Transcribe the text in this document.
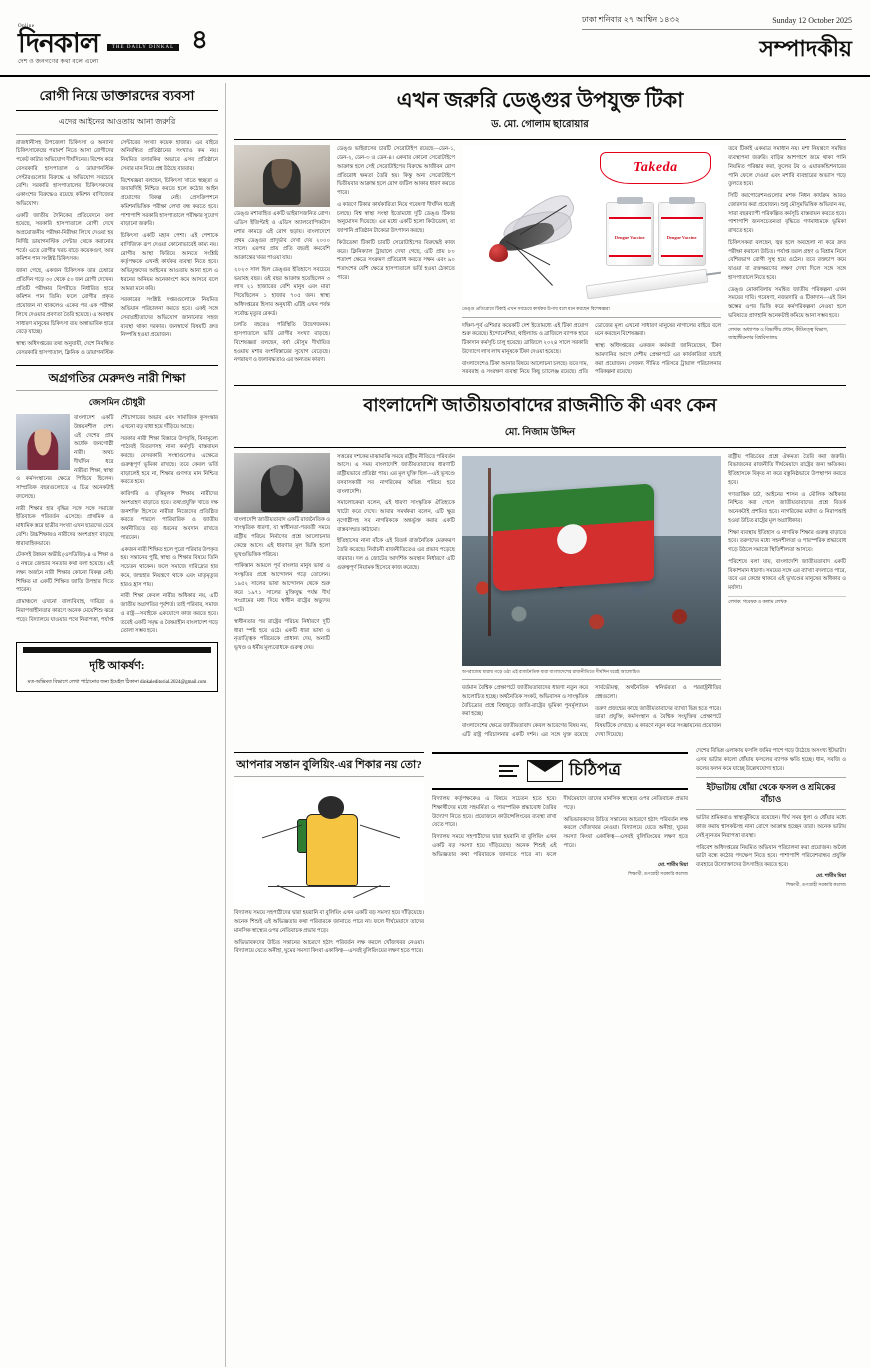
Online
দিনকাল	THE DAILY DINKAL
দেশ ও জনগণের কথা বলে এলো
৪
ঢাকা শনিবার ২৭ আশ্বিন ১৪৩২	Sunday 12 October 2025
সম্পাদকীয়
রোগী নিয়ে ডাক্তারদের ব্যবসা
এদের আইনের আওতায় আনা জরুরি

রাজধানীসহ উপজেলা চিকিৎসা ও অন্যান্য চিকিৎসাকেন্দ্রে পরামর্শ নিতে আসা রোগীদের পকেট কাটার অভিযোগ দীর্ঘদিনের। বিশেষ করে বেসরকারি হাসপাতাল ও ডায়াগনস্টিক সেন্টারগুলোর বিরুদ্ধে এ অভিযোগ সবচেয়ে বেশি। সরকারি হাসপাতালের চিকিৎসকদের একাংশের বিরুদ্ধেও রয়েছে কমিশন বাণিজ্যের অভিযোগ।

একটি জাতীয় দৈনিকের প্রতিবেদনে বলা হয়েছে, সরকারি হাসপাতালে রোগী দেখে অপ্রয়োজনীয় পরীক্ষা-নিরীক্ষা লিখে দেওয়া হয় নির্দিষ্ট ডায়াগনস্টিক সেন্টার থেকে করানোর শর্তে। এতে রোগীর খরচ বাড়ে কয়েকগুণ, আর কমিশন পান সংশ্লিষ্ট চিকিৎসক।

জানা গেছে, একজন চিকিৎসক তার চেম্বারে প্রতিদিন গড়ে ৩০ থেকে ৫০ জন রোগী দেখেন। প্রতিটি পরীক্ষার বিপরীতে নির্ধারিত হারে কমিশন পান তিনি। ফলে রোগীর প্রকৃত প্রয়োজন না থাকলেও একের পর এক পরীক্ষা লিখে দেওয়ার প্রবণতা তৈরি হয়েছে। এ অবস্থায় সাধারণ মানুষের চিকিৎসা ব্যয় অস্বাভাবিক হারে বেড়ে যাচ্ছে।

স্বাস্থ্য অধিদপ্তরের তথ্য অনুযায়ী, দেশে নিবন্ধিত বেসরকারি হাসপাতাল, ক্লিনিক ও ডায়াগনস্টিক সেন্টারের সংখ্যা কয়েক হাজার। এর বাইরে অনিবন্ধিত প্রতিষ্ঠানের সংখ্যাও কম নয়। নিয়মিত তদারকির অভাবে এসব প্রতিষ্ঠানে সেবার মান নিয়ে প্রশ্ন উঠছে বারবার।

বিশেষজ্ঞরা বলছেন, চিকিৎসা খাতে স্বচ্ছতা ও জবাবদিহি নিশ্চিত করতে হলে কঠোর আইন প্রয়োগের বিকল্প নেই। প্রেসক্রিপশনে কমিশনভিত্তিক পরীক্ষা লেখা বন্ধ করতে হবে। পাশাপাশি সরকারি হাসপাতালে পরীক্ষার সুযোগ বাড়ানো জরুরি।

চিকিৎসা একটি মহান পেশা। এই পেশাকে বাণিজ্যিক রূপ দেওয়া কোনোভাবেই কাম্য নয়। রোগীর আস্থা ফিরিয়ে আনতে সংশ্লিষ্ট কর্তৃপক্ষকে এখনই কার্যকর ব্যবস্থা নিতে হবে। অভিযুক্তদের আইনের আওতায় আনা হলে এ ধরনের অনিয়ম অনেকাংশে কমে আসবে বলে আমরা মনে করি।

সরকারের সংশ্লিষ্ট দপ্তরগুলোকে নিয়মিত অভিযান পরিচালনা করতে হবে। একই সঙ্গে সেবাগ্রহীতাদের অভিযোগ জানানোর সহজ ব্যবস্থা থাকা দরকার। জনস্বার্থে বিষয়টি দ্রুত নিষ্পত্তি হওয়া প্রয়োজন।

অগ্রগতির মেরুদণ্ড নারী শিক্ষা
জেসমিন চৌধুরী

বাংলাদেশ একটি উন্নয়নশীল দেশ। এই দেশের প্রায় অর্ধেক জনগোষ্ঠী নারী। অথচ দীর্ঘদিন ধরে নারীরা শিক্ষা, স্বাস্থ্য ও কর্মসংস্থানের ক্ষেত্রে পিছিয়ে ছিলেন। সাম্প্রতিক বছরগুলোতে এ চিত্র অনেকটাই বদলেছে।

নারী শিক্ষার হার বৃদ্ধির সঙ্গে সঙ্গে সমাজে ইতিবাচক পরিবর্তন এসেছে। প্রাথমিক ও মাধ্যমিক স্তরে ছাত্রীর সংখ্যা এখন ছাত্রদের চেয়ে বেশি। উচ্চশিক্ষায়ও নারীদের অংশগ্রহণ বাড়ছে ধারাবাহিকভাবে।

টেকসই উন্নয়ন অভীষ্ট (এসডিজি)-৪ এ শিক্ষা ও ৫ নম্বরে জেন্ডার সমতার কথা বলা হয়েছে। এই লক্ষ্য অর্জনে নারী শিক্ষার কোনো বিকল্প নেই। শিক্ষিত মা একটি শিক্ষিত জাতি উপহার দিতে পারেন।

গ্রামাঞ্চলে এখনো বাল্যবিবাহ, দারিদ্র্য ও নিরাপত্তাহীনতার কারণে অনেক মেয়েশিশু ঝরে পড়ে। বিদ্যালয়ে যাওয়ার পথে নিরাপত্তা, পর্যাপ্ত শৌচাগারের অভাব এবং সামাজিক কুসংস্কার এখনো বড় বাধা হয়ে দাঁড়িয়ে আছে।

সরকার নারী শিক্ষা বিস্তারে উপবৃত্তি, বিনামূল্যে পাঠ্যবই বিতরণসহ নানা কর্মসূচি বাস্তবায়ন করছে। বেসরকারি সংস্থাগুলোও এক্ষেত্রে গুরুত্বপূর্ণ ভূমিকা রাখছে। তবে কেবল ভর্তি বাড়ালেই হবে না, শিক্ষার গুণগত মান নিশ্চিত করতে হবে।

কারিগরি ও বৃত্তিমূলক শিক্ষায় নারীদের অংশগ্রহণ বাড়াতে হবে। তথ্যপ্রযুক্তি খাতে দক্ষ জনশক্তি হিসেবে নারীরা নিজেদের প্রতিষ্ঠিত করতে পারলে পারিবারিক ও জাতীয় অর্থনীতিতে বড় ধরনের অবদান রাখতে পারবেন।

একজন নারী শিক্ষিত হলে পুরো পরিবার উপকৃত হয়। সন্তানের পুষ্টি, স্বাস্থ্য ও শিক্ষার বিষয়ে তিনি সচেতন থাকেন। ফলে সমাজে দারিদ্র্যের হার কমে, জন্মহার নিয়ন্ত্রণে থাকে এবং মাতৃমৃত্যুর হারও হ্রাস পায়।

নারী শিক্ষা কেবল নারীর অধিকার নয়, এটি জাতীয় অগ্রগতির পূর্বশর্ত। তাই পরিবার, সমাজ ও রাষ্ট্র—সবাইকে একযোগে কাজ করতে হবে। তবেই একটি সমৃদ্ধ ও বৈষম্যহীন বাংলাদেশ গড়ে তোলা সম্ভব হবে।

দৃষ্টি আকর্ষণ:
মত-অভিমত বিভাগে লেখা পাঠানোর জন্য ইমেইল ঠিকানা dinkaleditorial.2024@gmail.com
এখন জরুরি ডেঙ্গুর উপযুক্ত টিকা
ড. মো. গোলাম ছারোয়ার

ডেঙ্গু মশাবাহিত একটি ভাইরাসজনিত রোগ। এডিস ইজিপ্টাই ও এডিস অ্যালবোপিকটাস মশার কামড়ে এই রোগ ছড়ায়। বাংলাদেশে প্রথম ডেঙ্গুর প্রাদুর্ভাব দেখা দেয় ২০০০ সালে। এরপর প্রায় প্রতি বছরই কমবেশি আক্রান্তের খবর পাওয়া যায়।

২০২৩ সাল ছিল ডেঙ্গুর ইতিহাসে সবচেয়ে ভয়াবহ বছর। ওই বছর আক্রান্ত হয়েছিলেন ৩ লাখ ২১ হাজারের বেশি মানুষ এবং মারা গিয়েছিলেন ১ হাজার ৭০৫ জন। স্বাস্থ্য অধিদপ্তরের হিসাব অনুযায়ী এটিই এখন পর্যন্ত সর্বোচ্চ মৃত্যুর রেকর্ড।

চলতি বছরেও পরিস্থিতি উদ্বেগজনক। হাসপাতালে ভর্তি রোগীর সংখ্যা বাড়ছে। বিশেষজ্ঞরা বলছেন, বর্ষা মৌসুম দীর্ঘায়িত হওয়ায় মশার বংশবিস্তারের সুযোগ বেড়েছে। নগরায়ণ ও জলাবদ্ধতাও এর অন্যতম কারণ।

ডেঙ্গু ভাইরাসের চারটি সেরোটাইপ রয়েছে—ডেন-১, ডেন-২, ডেন-৩ ও ডেন-৪। একবার কোনো সেরোটাইপে আক্রান্ত হলে সেই সেরোটাইপের বিরুদ্ধে আজীবন রোগ প্রতিরোধ ক্ষমতা তৈরি হয়। কিন্তু অন্য সেরোটাইপে দ্বিতীয়বার আক্রান্ত হলে রোগ জটিল আকার ধারণ করতে পারে।

এ কারণে টিকার কার্যকারিতা নিয়ে গবেষণা দীর্ঘদিন ধরেই চলছে। বিশ্ব স্বাস্থ্য সংস্থা ইতোমধ্যে দুটি ডেঙ্গু টিকার অনুমোদন দিয়েছে। এর মধ্যে একটি হলো কিউডেঙ্গা, যা জাপানি প্রতিষ্ঠান টাকেডা উৎপাদন করছে।

কিউডেঙ্গা টিকাটি চারটি সেরোটাইপের বিরুদ্ধেই কাজ করে। ক্লিনিক্যাল ট্রায়ালে দেখা গেছে, এটি প্রায় ৮০ শতাংশ ক্ষেত্রে সংক্রমণ প্রতিরোধ করতে সক্ষম এবং ৯০ শতাংশের বেশি ক্ষেত্রে হাসপাতালে ভর্তি হওয়া ঠেকাতে পারে।

Takeda
Dengue Vaccine	Dengue Vaccine
ডেঙ্গু প্রতিরোধে টিকাই এখন সবচেয়ে কার্যকর উপায় বলে মনে করছেন বিশেষজ্ঞরা

দক্ষিণ-পূর্ব এশিয়ার কয়েকটি দেশ ইতোমধ্যে এই টিকা প্রয়োগ শুরু করেছে। ইন্দোনেশিয়া, থাইল্যান্ড ও ব্রাজিলে ব্যাপক হারে টিকাদান কর্মসূচি চালু হয়েছে। ব্রাজিলে ২০২৪ সালে সরকারি উদ্যোগে লাখ লাখ মানুষকে টিকা দেওয়া হয়েছে।

বাংলাদেশেও টিকা আনার বিষয়ে আলোচনা চলছে। তবে দাম, সরবরাহ ও সংরক্ষণ ব্যবস্থা নিয়ে কিছু চ্যালেঞ্জ রয়েছে। প্রতি ডোজের মূল্য এখনো সাধারণ মানুষের নাগালের বাইরে বলে মনে করছেন বিশেষজ্ঞরা।

স্বাস্থ্য অধিদপ্তরের একজন কর্মকর্তা জানিয়েছেন, টিকা আমদানির আগে দেশীয় প্রেক্ষাপটে এর কার্যকারিতা যাচাই করা প্রয়োজন। সেজন্য সীমিত পরিসরে ট্রায়াল পরিচালনার পরিকল্পনা রয়েছে।

তবে টিকাই একমাত্র সমাধান নয়। মশা নিয়ন্ত্রণে সমন্বিত ব্যবস্থাপনা জরুরি। বাড়ির আশপাশে জমে থাকা পানি নিয়মিত পরিষ্কার করা, ফুলের টব ও এয়ারকন্ডিশনারের পানি ফেলে দেওয়া এবং মশারি ব্যবহারের অভ্যাস গড়ে তুলতে হবে।

সিটি করপোরেশনগুলোর মশক নিধন কার্যক্রম আরও জোরদার করা প্রয়োজন। শুধু মৌসুমভিত্তিক অভিযান নয়, সারা বছরব্যাপী পরিকল্পিত কর্মসূচি বাস্তবায়ন করতে হবে। পাশাপাশি জনসচেতনতা বৃদ্ধিতে গণমাধ্যমকে ভূমিকা রাখতে হবে।

চিকিৎসকরা বলছেন, জ্বর হলে অবহেলা না করে দ্রুত পরীক্ষা করানো উচিত। পর্যাপ্ত তরল গ্রহণ ও বিশ্রাম নিলে বেশিরভাগ রোগী সুস্থ হয়ে ওঠেন। তবে রক্তচাপ কমে যাওয়া বা রক্তক্ষরণের লক্ষণ দেখা দিলে সঙ্গে সঙ্গে হাসপাতালে নিতে হবে।

ডেঙ্গু মোকাবিলায় সমন্বিত জাতীয় পরিকল্পনা এখন সময়ের দাবি। গবেষণা, নজরদারি ও টিকাদান—এই তিন স্তম্ভের ওপর ভিত্তি করে কর্মপরিকল্পনা নেওয়া হলে ভবিষ্যতে প্রাণহানি অনেকটাই কমিয়ে আনা সম্ভব হবে।

লেখক: অধ্যাপক ও বিভাগীয় প্রধান, কীটতত্ত্ব বিভাগ, জাহাঙ্গীরনগর বিশ্ববিদ্যালয়
বাংলাদেশি জাতীয়তাবাদের রাজনীতি কী এবং কেন
মো. নিজাম উদ্দিন

বাংলাদেশি জাতীয়তাবাদ একটি রাজনৈতিক ও সাংস্কৃতিক ধারণা, যা স্বাধীনতা-পরবর্তী সময়ে রাষ্ট্রীয় পরিচয় নির্মাণের প্রশ্নে আলোচনার কেন্দ্রে আসে। এই ধারণার মূল ভিত্তি হলো ভূখণ্ডভিত্তিক পরিচয়।

পাকিস্তান আমলে পূর্ব বাংলার মানুষ ভাষা ও সংস্কৃতির প্রশ্নে আন্দোলন গড়ে তোলেন। ১৯৫২ সালের ভাষা আন্দোলন থেকে শুরু করে ১৯৭১ সালের মুক্তিযুদ্ধ পর্যন্ত দীর্ঘ সংগ্রামের মধ্য দিয়ে স্বাধীন রাষ্ট্রের অভ্যুদয় ঘটে।

স্বাধীনতার পর রাষ্ট্রের পরিচয় নির্ধারণে দুটি ধারা স্পষ্ট হয়ে ওঠে। একটি ধারা ভাষা ও নৃতাত্ত্বিক পরিচয়কে প্রাধান্য দেয়, অন্যটি ভূখণ্ড ও ধর্মীয় মূল্যবোধকে গুরুত্ব দেয়।

সত্তরের দশকের মাঝামাঝি সময়ে রাষ্ট্রীয় নীতিতে পরিবর্তন আসে। এ সময় বাংলাদেশি জাতীয়তাবাদের ধারণাটি রাষ্ট্রীয়ভাবে প্রতিষ্ঠা পায়। এর মূল যুক্তি ছিল—এই ভূখণ্ডে বসবাসকারী সব নাগরিকের অভিন্ন পরিচয় হবে বাংলাদেশি।

সমালোচকরা বলেন, এই ধারণা সাংস্কৃতিক ঐতিহ্যকে খাটো করে দেখে। আবার সমর্থকরা বলেন, এটি ক্ষুদ্র নৃগোষ্ঠীসহ সব নাগরিককে অন্তর্ভুক্ত করার একটি বাস্তবসম্মত কাঠামো।

ইতিহাসের নানা বাঁকে এই বিতর্ক রাজনৈতিক মেরুকরণ তৈরি করেছে। নির্বাচনী রাজনীতিতেও এর প্রভাব পড়েছে বারবার। দল ও জোটের আদর্শিক অবস্থান নির্ধারণে এটি গুরুত্বপূর্ণ নিয়ামক হিসেবে কাজ করেছে।

অপরাজেয় ধারায় গড়ে ওঠা এই রাজনৈতিক ধারা বাংলাদেশের রাজনীতিতে দীর্ঘদিন ধরেই আলোচিত

বর্তমান বৈশ্বিক প্রেক্ষাপটে জাতীয়তাবাদের ধারণা নতুন করে আলোচিত হচ্ছে। অর্থনৈতিক সংকট, অভিবাসন ও সাংস্কৃতিক বৈচিত্র্যের প্রশ্নে বিশ্বজুড়ে জাতি-রাষ্ট্রের ভূমিকা পুনর্মূল্যায়ন করা হচ্ছে।

বাংলাদেশের ক্ষেত্রে জাতীয়তাবাদ কেবল আবেগের বিষয় নয়, এটি রাষ্ট্র পরিচালনার একটি দর্শন। এর সঙ্গে যুক্ত রয়েছে সার্বভৌমত্ব, অর্থনৈতিক স্বনির্ভরতা ও পররাষ্ট্রনীতির প্রশ্নগুলো।

তরুণ প্রজন্মের কাছে জাতীয়তাবাদের ব্যাখ্যা ভিন্ন হতে পারে। তারা প্রযুক্তি, কর্মসংস্থান ও বৈশ্বিক সংযুক্তির প্রেক্ষাপটে বিষয়টিকে দেখছে। এ কারণে নতুন করে সংজ্ঞায়নের প্রয়োজন দেখা দিয়েছে।

রাষ্ট্রীয় পরিচয়ের প্রশ্নে ঐকমত্য তৈরি করা জরুরি। বিভাজনের রাজনীতি দীর্ঘমেয়াদে রাষ্ট্রের জন্য ক্ষতিকর। ইতিহাসকে বিকৃত না করে বস্তুনিষ্ঠভাবে উপস্থাপন করতে হবে।

গণতান্ত্রিক চর্চা, আইনের শাসন ও মৌলিক অধিকার নিশ্চিত করা গেলে জাতীয়তাবাদের প্রশ্নে বিতর্ক অনেকটাই প্রশমিত হবে। নাগরিকের মর্যাদা ও নিরাপত্তাই হওয়া উচিত রাষ্ট্রের মূল অগ্রাধিকার।

শিক্ষা ব্যবস্থায় ইতিহাস ও নাগরিক শিক্ষার গুরুত্ব বাড়াতে হবে। তরুণদের মধ্যে সহনশীলতা ও পারস্পরিক শ্রদ্ধাবোধ গড়ে উঠলে সমাজে স্থিতিশীলতা আসবে।

পরিশেষে বলা যায়, বাংলাদেশি জাতীয়তাবাদ একটি বিকাশমান ধারণা। সময়ের সঙ্গে এর ব্যাখ্যা বদলাতে পারে, তবে এর কেন্দ্রে থাকবে এই ভূখণ্ডের মানুষের অধিকার ও মর্যাদা।

লেখক: গবেষক ও কলাম লেখক
আপনার সন্তান বুলিয়িং-এর শিকার নয় তো?

বিদ্যালয় সময়ে সহপাঠীদের দ্বারা হয়রানি বা বুলিয়িং এখন একটি বড় সমস্যা হয়ে দাঁড়িয়েছে। অনেক শিশুই এই অভিজ্ঞতার কথা পরিবারকে জানাতে পারে না। ফলে দীর্ঘমেয়াদে তাদের মানসিক স্বাস্থ্যের ওপর নেতিবাচক প্রভাব পড়ে।

অভিভাবকদের উচিত সন্তানের আচরণে হঠাৎ পরিবর্তন লক্ষ করলে খোঁজখবর নেওয়া। বিদ্যালয়ে যেতে অনীহা, ঘুমের সমস্যা কিংবা একাকিত্ব—এসবই বুলিয়িংয়ের লক্ষণ হতে পারে।

চিঠিপত্র

বিদ্যালয় কর্তৃপক্ষকেও এ বিষয়ে সচেতন হতে হবে। শিক্ষার্থীদের মধ্যে সহমর্মিতা ও পারস্পরিক শ্রদ্ধাবোধ তৈরির উদ্যোগ নিতে হবে। প্রয়োজনে কাউন্সেলিংয়ের ব্যবস্থা রাখা যেতে পারে।

বিদ্যালয় সময়ে সহপাঠীদের দ্বারা হয়রানি বা বুলিয়িং এখন একটি বড় সমস্যা হয়ে দাঁড়িয়েছে। অনেক শিশুই এই অভিজ্ঞতার কথা পরিবারকে জানাতে পারে না। ফলে দীর্ঘমেয়াদে তাদের মানসিক স্বাস্থ্যের ওপর নেতিবাচক প্রভাব পড়ে।

অভিভাবকদের উচিত সন্তানের আচরণে হঠাৎ পরিবর্তন লক্ষ করলে খোঁজখবর নেওয়া। বিদ্যালয়ে যেতে অনীহা, ঘুমের সমস্যা কিংবা একাকিত্ব—এসবই বুলিয়িংয়ের লক্ষণ হতে পারে।

মো. শামীম মিয়া
শিক্ষার্থী, গুণগ্রাহী সরকারি কলেজ

দেশের বিভিন্ন এলাকায় ফসলি জমির পাশে গড়ে উঠেছে অসংখ্য ইটভাটা। এসব ভাটার কালো ধোঁয়ায় ফসলের ব্যাপক ক্ষতি হচ্ছে। ধান, সবজি ও ফলের ফলন কমে যাচ্ছে উল্লেখযোগ্য হারে।

ইটভাটায় ধোঁয়া থেকে ফসল ও শ্রমিকের বাঁচাও

ভাটার শ্রমিকরাও স্বাস্থ্যঝুঁকিতে রয়েছেন। দীর্ঘ সময় ধুলা ও ধোঁয়ার মধ্যে কাজ করায় শ্বাসকষ্টসহ নানা রোগে আক্রান্ত হচ্ছেন তারা। অনেক ভাটায় নেই ন্যূনতম নিরাপত্তা ব্যবস্থা।

পরিবেশ অধিদপ্তরের নিয়মিত অভিযান পরিচালনা করা প্রয়োজন। অবৈধ ভাটা বন্ধে কঠোর পদক্ষেপ নিতে হবে। পাশাপাশি পরিবেশবান্ধব প্রযুক্তি ব্যবহারে উদ্যোক্তাদের উৎসাহিত করতে হবে।

মো. শামীম মিয়া
শিক্ষার্থী, গুণগ্রাহী সরকারি কলেজ
